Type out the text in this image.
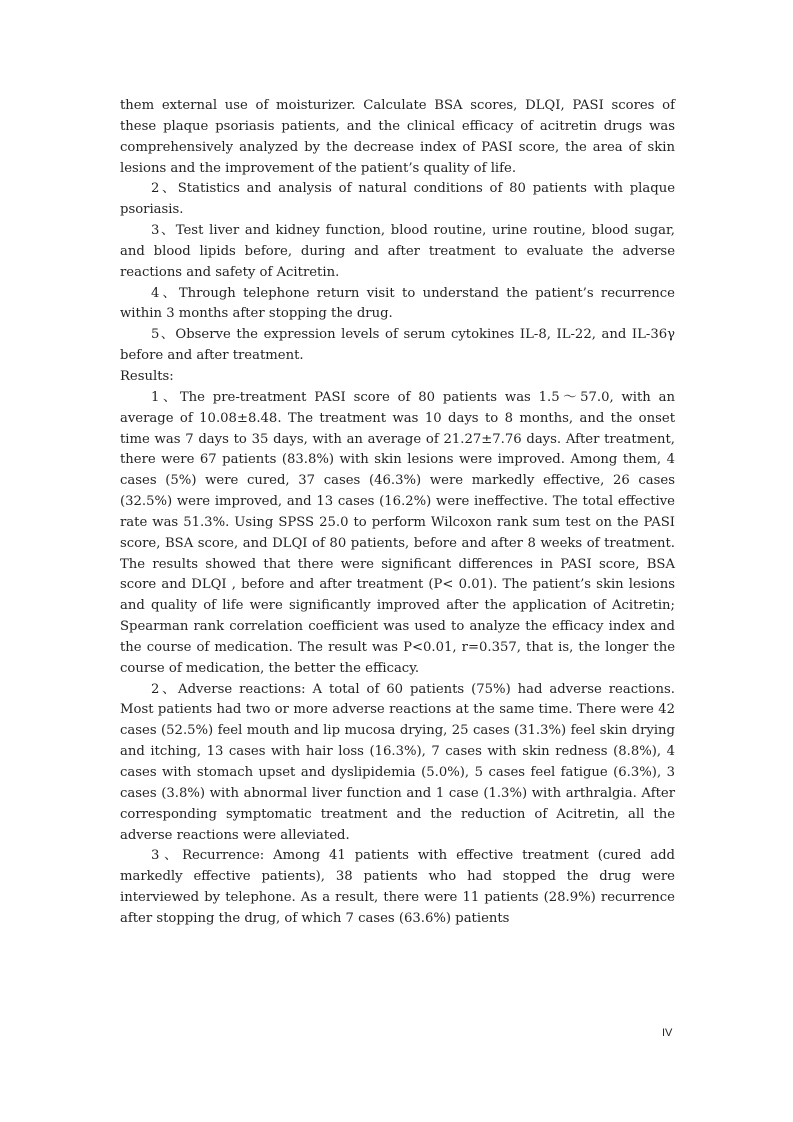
them external use of moisturizer. Calculate BSA scores, DLQI, PASI scores of these plaque psoriasis patients, and the clinical efficacy of acitretin drugs was comprehensively analyzed by the decrease index of PASI score, the area of skin lesions and the improvement of the patient’s quality of life.

2、Statistics and analysis of natural conditions of 80 patients with plaque psoriasis.

3、Test liver and kidney function, blood routine, urine routine, blood sugar, and blood lipids before, during and after treatment to evaluate the adverse reactions and safety of Acitretin.

4、Through telephone return visit to understand the patient’s recurrence within 3 months after stopping the drug.

5、Observe the expression levels of serum cytokines IL-8, IL-22, and IL-36γ before and after treatment.

Results:

1、The pre-treatment PASI score of 80 patients was 1.5～57.0, with an average of 10.08±8.48. The treatment was 10 days to 8 months, and the onset time was 7 days to 35 days, with an average of 21.27±7.76 days. After treatment, there were 67 patients (83.8%) with skin lesions were improved. Among them, 4 cases (5%) were cured, 37 cases (46.3%) were markedly effective, 26 cases (32.5%) were improved, and 13 cases (16.2%) were ineffective. The total effective rate was 51.3%. Using SPSS 25.0 to perform Wilcoxon rank sum test on the PASI score, BSA score, and DLQI of 80 patients, before and after 8 weeks of treatment. The results showed that there were significant differences in PASI score, BSA score and DLQI , before and after treatment (P< 0.01). The patient’s skin lesions and quality of life were significantly improved after the application of Acitretin; Spearman rank correlation coefficient was used to analyze the efficacy index and the course of medication. The result was P<0.01, r=0.357, that is, the longer the course of medication, the better the efficacy.

2、Adverse reactions: A total of 60 patients (75%) had adverse reactions. Most patients had two or more adverse reactions at the same time. There were 42 cases (52.5%) feel mouth and lip mucosa drying, 25 cases (31.3%) feel skin drying and itching, 13 cases with hair loss (16.3%), 7 cases with skin redness (8.8%), 4 cases with stomach upset and dyslipidemia (5.0%), 5 cases feel fatigue (6.3%), 3 cases (3.8%) with abnormal liver function and 1 case (1.3%) with arthralgia. After corresponding symptomatic treatment and the reduction of Acitretin, all the adverse reactions were alleviated.

3、Recurrence: Among 41 patients with effective treatment (cured add markedly effective patients), 38 patients who had stopped the drug were interviewed by telephone. As a result, there were 11 patients (28.9%) recurrence after stopping the drug, of which 7 cases (63.6%) patients

IV
